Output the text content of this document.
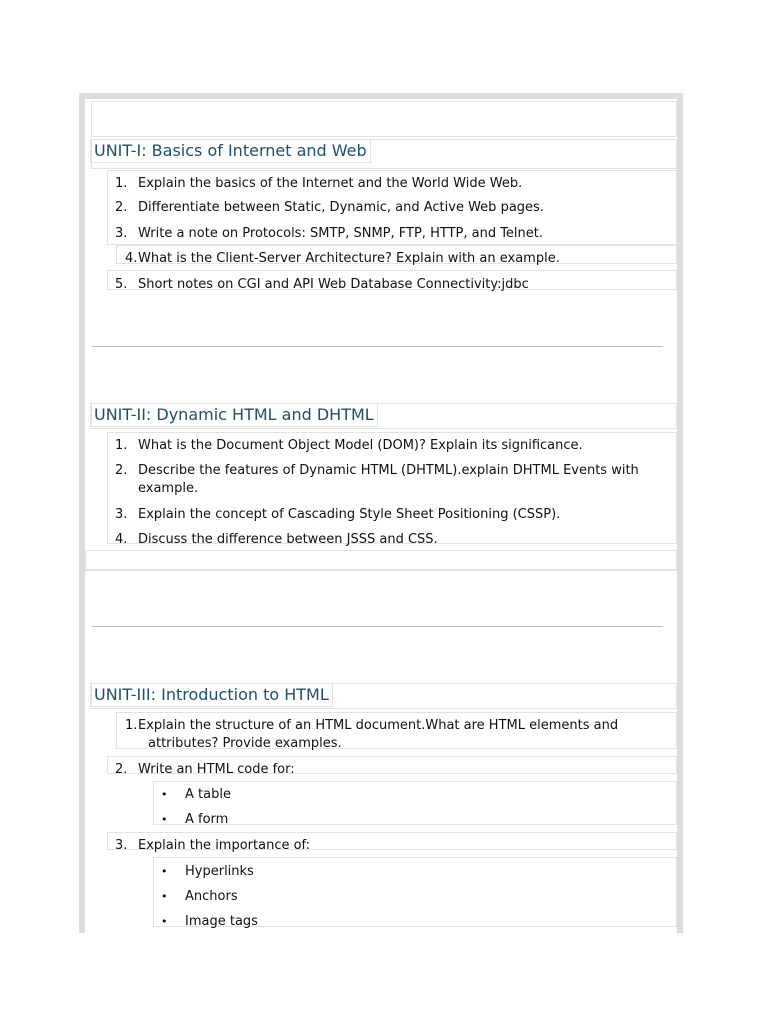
UNIT-I: Basics of Internet and Web
1. Explain the basics of the Internet and the World Wide Web.
2. Differentiate between Static, Dynamic, and Active Web pages.
3. Write a note on Protocols: SMTP, SNMP, FTP, HTTP, and Telnet.
4. What is the Client-Server Architecture? Explain with an example.
5. Short notes on CGI and API Web Database Connectivity:jdbc
UNIT-II: Dynamic HTML and DHTML
1. What is the Document Object Model (DOM)? Explain its significance.
2. Describe the features of Dynamic HTML (DHTML).explain DHTML Events with
example.
3. Explain the concept of Cascading Style Sheet Positioning (CSSP).
4. Discuss the difference between JSSS and CSS.
UNIT-III: Introduction to HTML
1. Explain the structure of an HTML document.What are HTML elements and
attributes? Provide examples.
2. Write an HTML code for:
• A table
• A form
3. Explain the importance of:
• Hyperlinks
• Anchors
• Image tags
